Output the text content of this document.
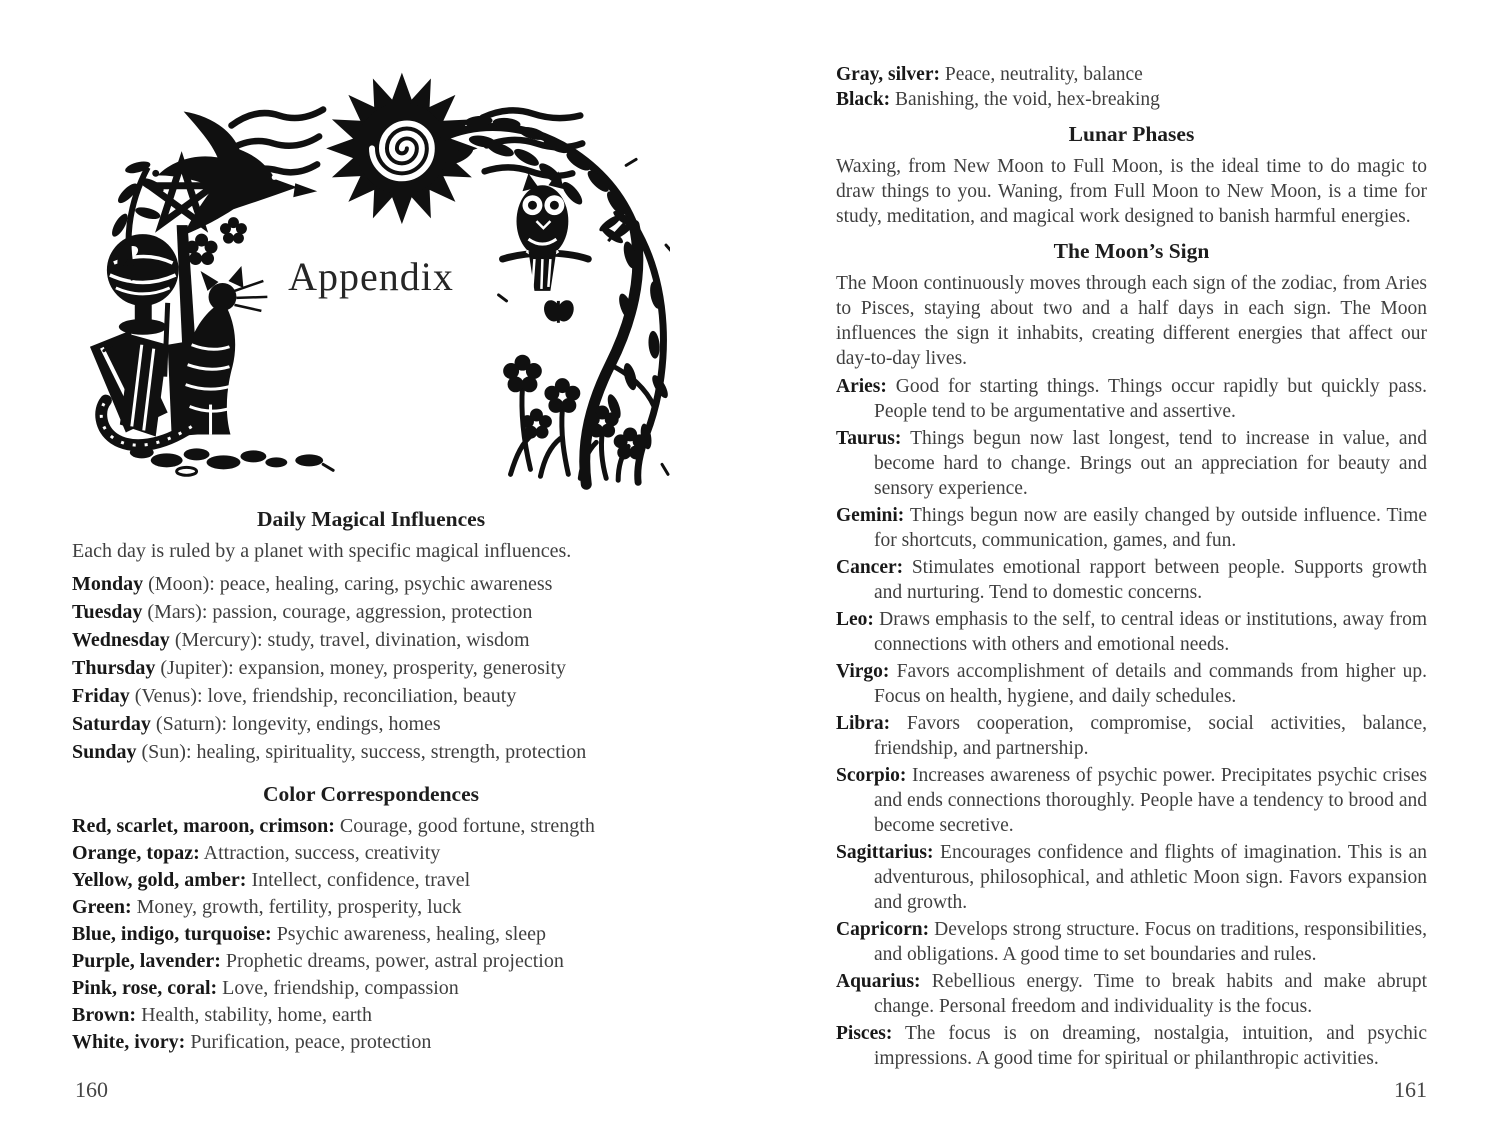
Appendix
Daily Magical Influences

Each day is ruled by a planet with specific magical influences.

Monday (Moon): peace, healing, caring, psychic awareness

Tuesday (Mars): passion, courage, aggression, protection

Wednesday (Mercury): study, travel, divination, wisdom

Thursday (Jupiter): expansion, money, prosperity, generosity

Friday (Venus): love, friendship, reconciliation, beauty

Saturday (Saturn): longevity, endings, homes

Sunday (Sun): healing, spirituality, success, strength, protection

Color Correspondences

Red, scarlet, maroon, crimson: Courage, good fortune, strength

Orange, topaz: Attraction, success, creativity

Yellow, gold, amber: Intellect, confidence, travel

Green: Money, growth, fertility, prosperity, luck

Blue, indigo, turquoise: Psychic awareness, healing, sleep

Purple, lavender: Prophetic dreams, power, astral projection

Pink, rose, coral: Love, friendship, compassion

Brown: Health, stability, home, earth

White, ivory: Purification, peace, protection

Gray, silver: Peace, neutrality, balance

Black: Banishing, the void, hex-breaking

Lunar Phases

Waxing, from New Moon to Full Moon, is the ideal time to do magic to draw things to you. Waning, from Full Moon to New Moon, is a time for study, meditation, and magical work designed to banish harmful energies.

The Moon’s Sign

The Moon continuously moves through each sign of the zodiac, from Aries to Pisces, staying about two and a half days in each sign. The Moon influences the sign it inhabits, creating different energies that affect our day-to-day lives.

Aries: Good for starting things. Things occur rapidly but quickly pass. People tend to be argumentative and assertive.

Taurus: Things begun now last longest, tend to increase in value, and become hard to change. Brings out an appreciation for beauty and sensory experience.

Gemini: Things begun now are easily changed by outside influence. Time for shortcuts, communication, games, and fun.

Cancer: Stimulates emotional rapport between people. Supports growth and nurturing. Tend to domestic concerns.

Leo: Draws emphasis to the self, to central ideas or institutions, away from connections with others and emotional needs.

Virgo: Favors accomplishment of details and commands from higher up. Focus on health, hygiene, and daily schedules.

Libra: Favors cooperation, compromise, social activities, balance, friendship, and partnership.

Scorpio: Increases awareness of psychic power. Precipitates psychic crises and ends connections thoroughly. People have a tendency to brood and become secretive.

Sagittarius: Encourages confidence and flights of imagination. This is an adventurous, philosophical, and athletic Moon sign. Favors expansion and growth.

Capricorn: Develops strong structure. Focus on traditions, responsibilities, and obligations. A good time to set boundaries and rules.

Aquarius: Rebellious energy. Time to break habits and make abrupt change. Personal freedom and individuality is the focus.

Pisces: The focus is on dreaming, nostalgia, intuition, and psychic impressions. A good time for spiritual or philanthropic activities.

160	161
